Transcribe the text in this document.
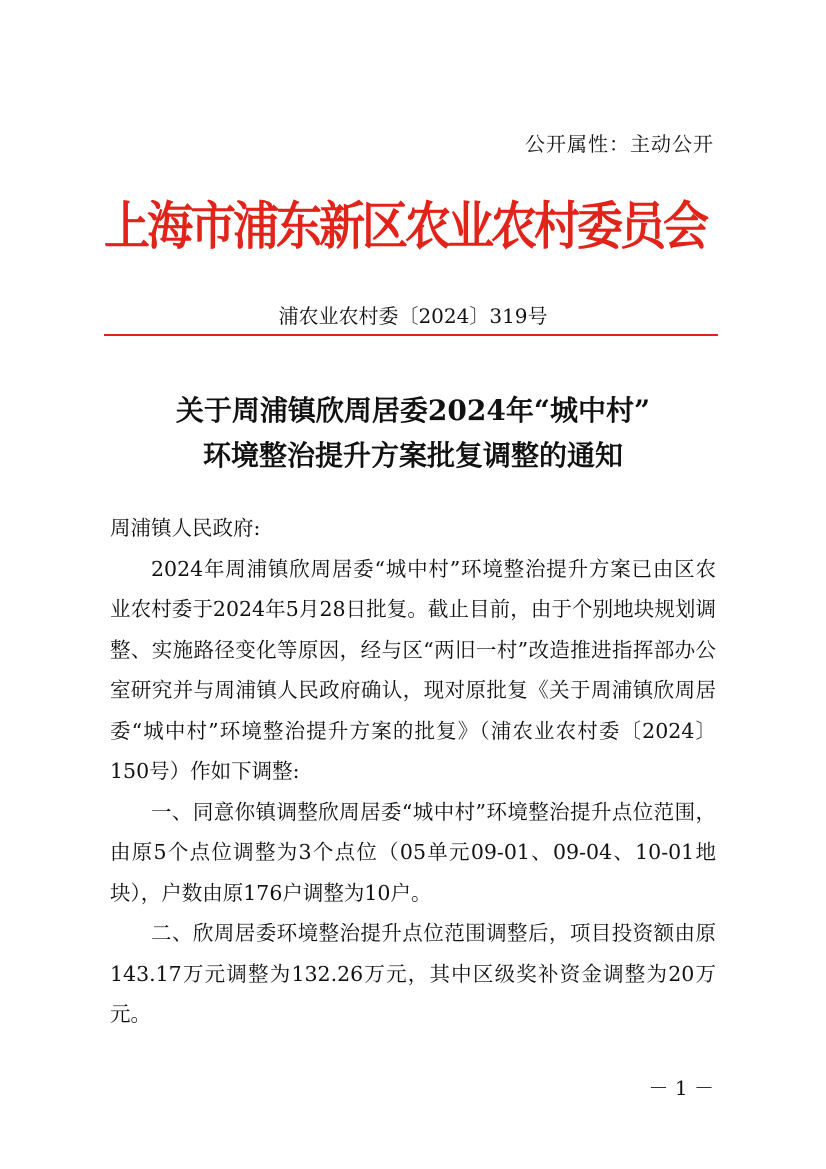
公开属性：主动公开
上海市浦东新区农业农村委员会
浦农业农村委〔2024〕319号
关于周浦镇欣周居委2024年“城中村”
环境整治提升方案批复调整的通知

周浦镇人民政府:

2024年周浦镇欣周居委“城中村”环境整治提升方案已由区农业农村委于2024年5月28日批复。截止目前，由于个别地块规划调整、实施路径变化等原因，经与区“两旧一村”改造推进指挥部办公室研究并与周浦镇人民政府确认，现对原批复《关于周浦镇欣周居委“城中村”环境整治提升方案的批复》（浦农业农村委〔2024〕150号）作如下调整:

一、同意你镇调整欣周居委“城中村”环境整治提升点位范围，由原5个点位调整为3个点位（05单元09-01、09-04、10-01地块），户数由原176户调整为10户。

二、欣周居委环境整治提升点位范围调整后，项目投资额由原143.17万元调整为132.26万元，其中区级奖补资金调整为20万元。

－ 1 －
